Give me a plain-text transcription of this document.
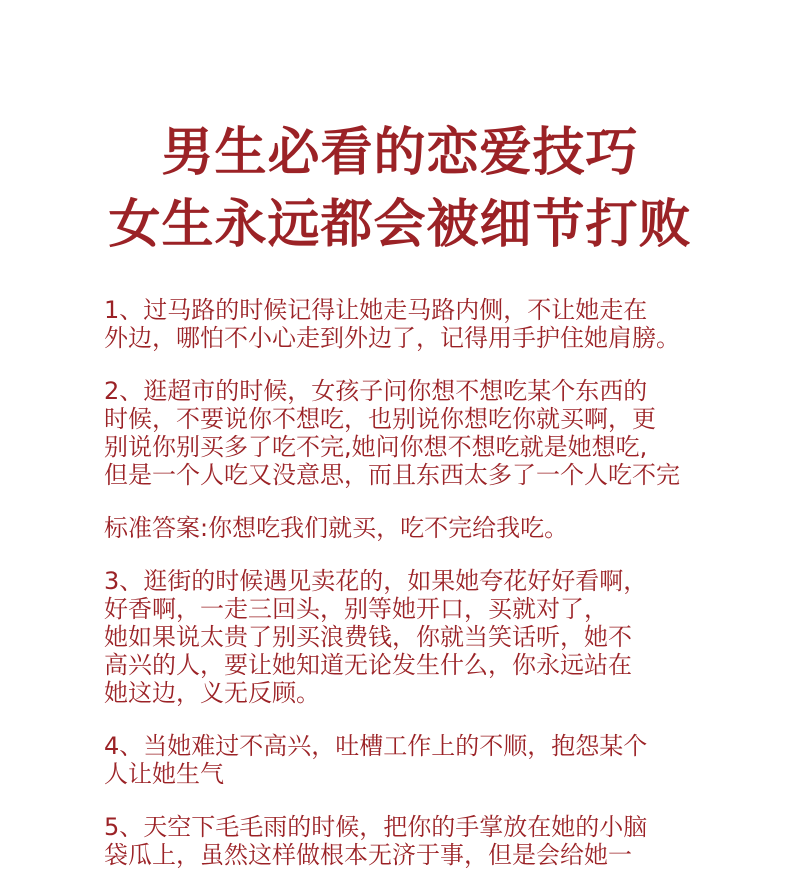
男生必看的恋爱技巧
女生永远都会被细节打败
1、过马路的时候记得让她走马路内侧，不让她走在
外边，哪怕不小心走到外边了，记得用手护住她肩膀。
2、逛超市的时候，女孩子问你想不想吃某个东西的
时候，不要说你不想吃，也别说你想吃你就买啊，更
别说你别买多了吃不完,她问你想不想吃就是她想吃,
但是一个人吃又没意思，而且东西太多了一个人吃不完
标准答案:你想吃我们就买，吃不完给我吃。
3、逛街的时候遇见卖花的，如果她夸花好好看啊，
好香啊，一走三回头，别等她开口，买就对了，
她如果说太贵了别买浪费钱，你就当笑话听，她不
高兴的人，要让她知道无论发生什么，你永远站在
她这边，义无反顾。
4、当她难过不高兴，吐槽工作上的不顺，抱怨某个
人让她生气
5、天空下毛毛雨的时候，把你的手掌放在她的小脑
袋瓜上，虽然这样做根本无济于事，但是会给她一
